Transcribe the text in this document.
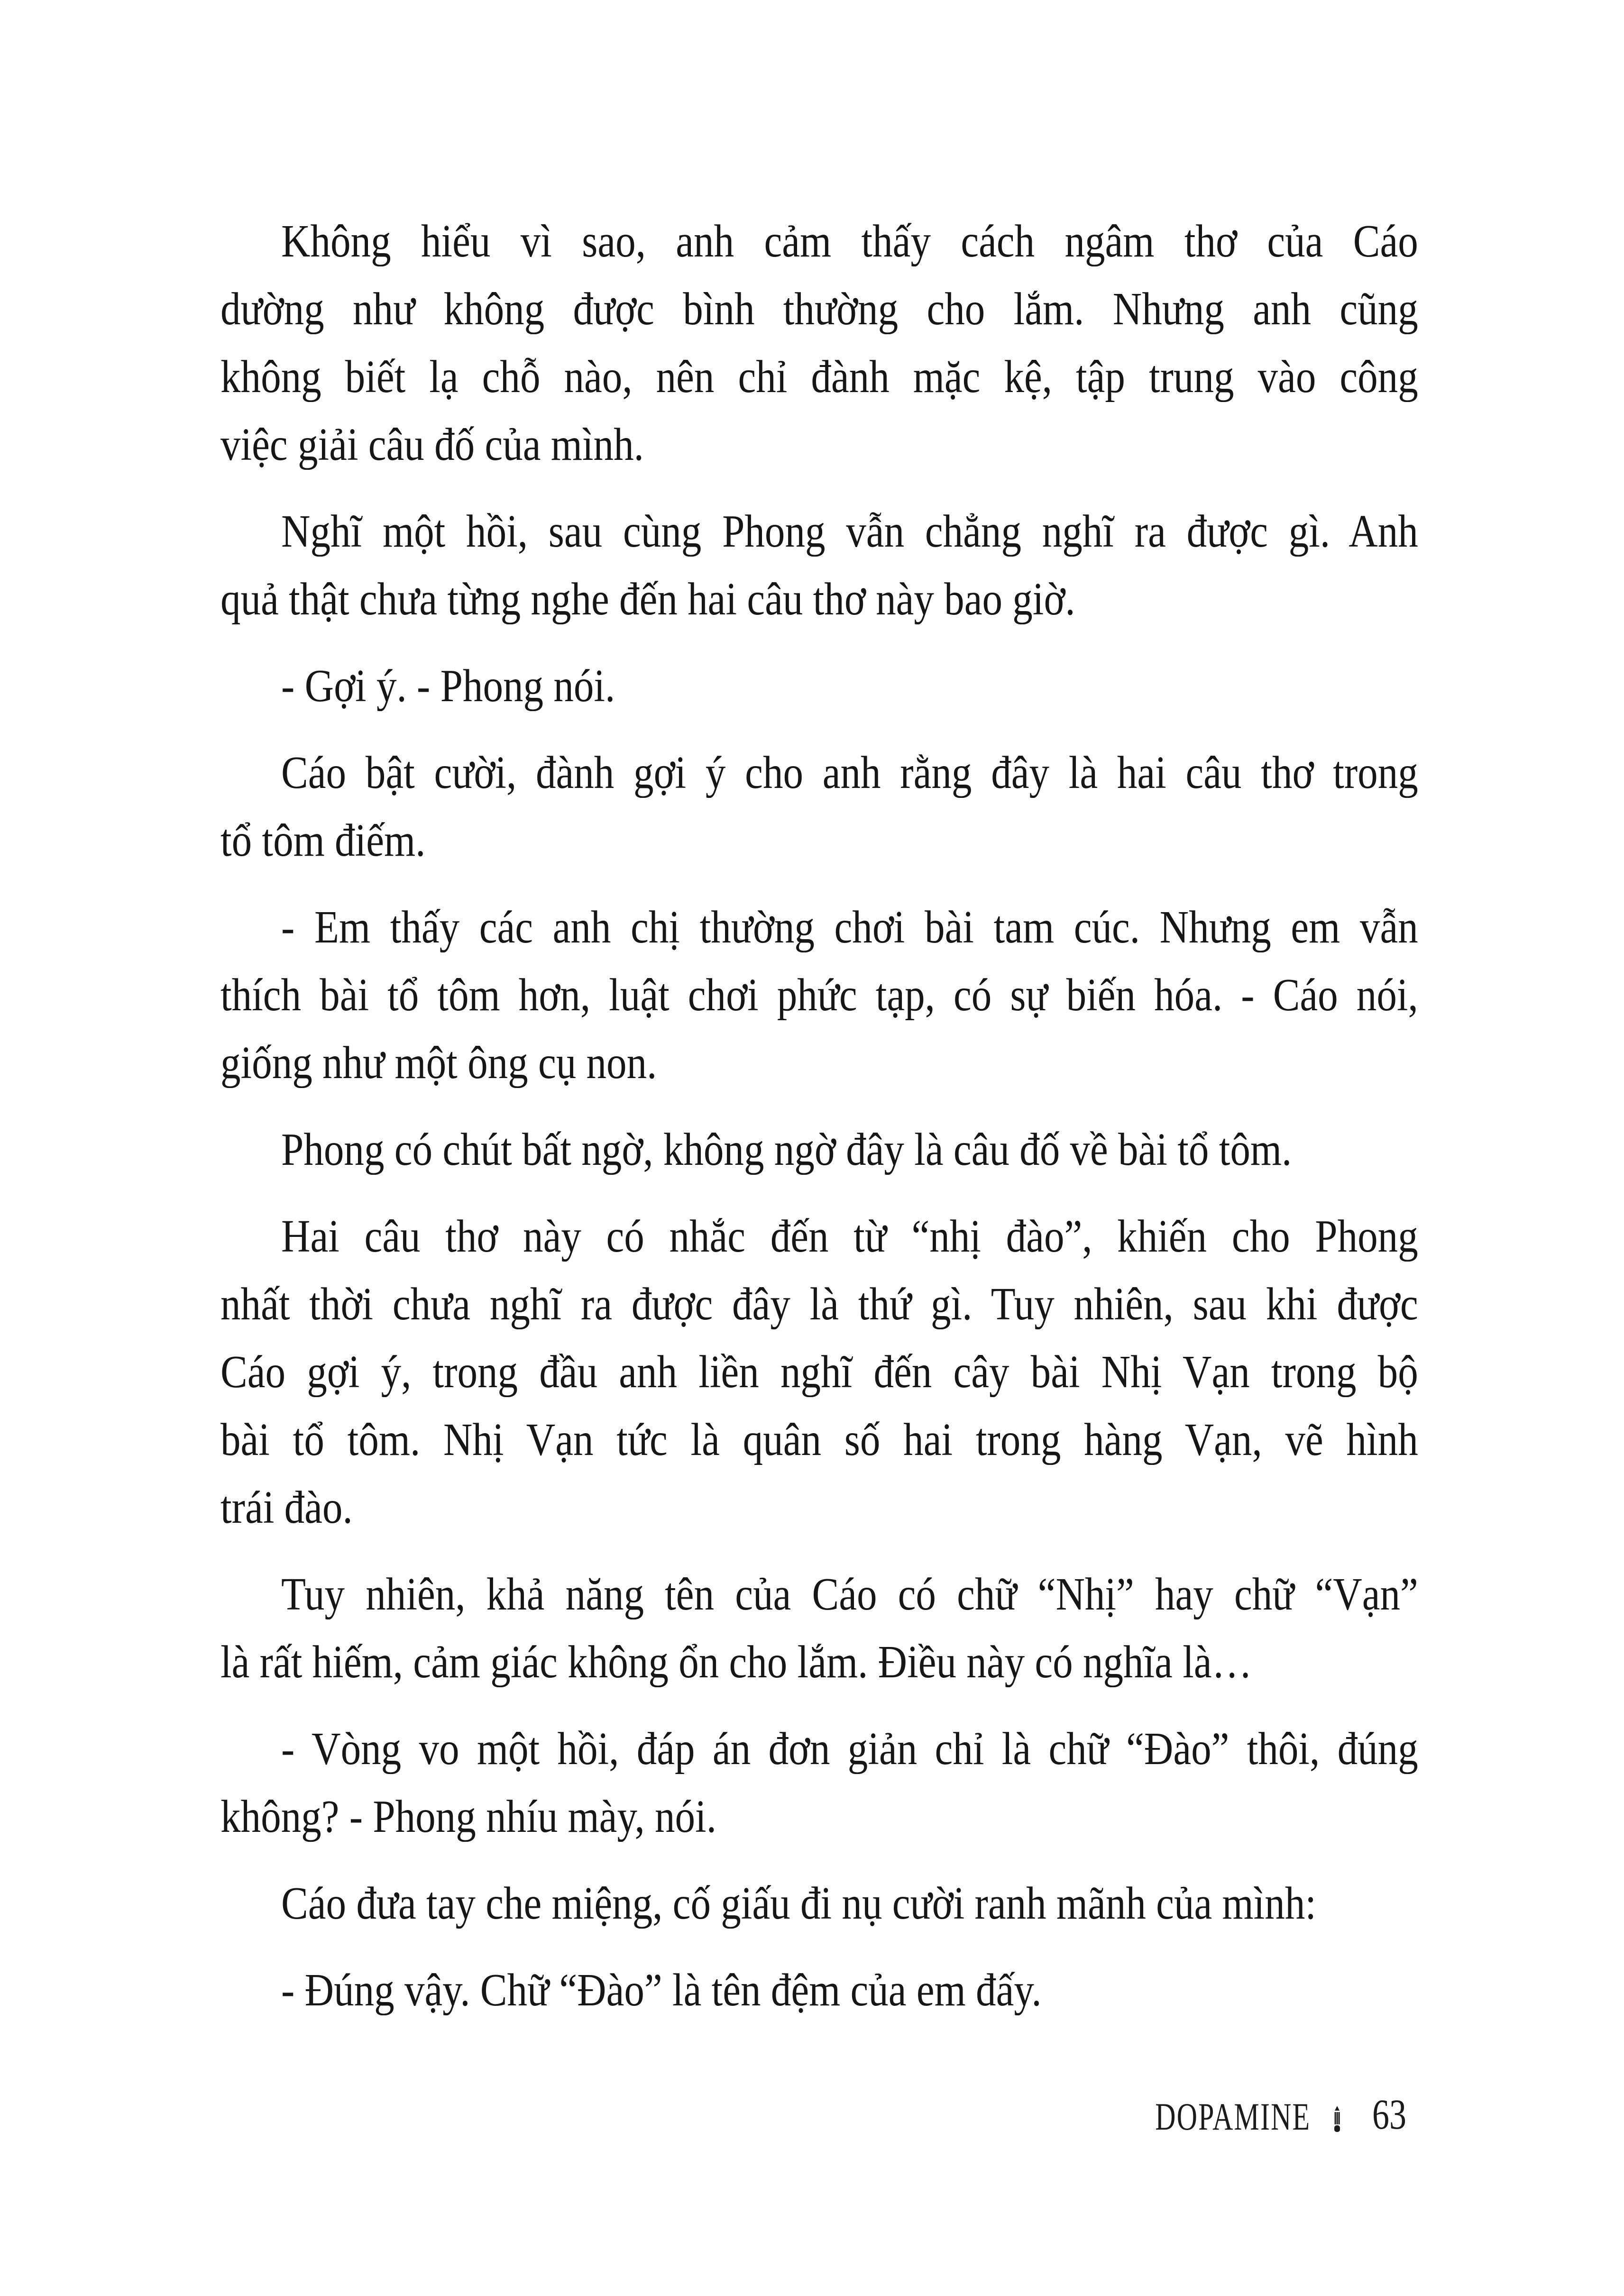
Không hiểu vì sao, anh cảm thấy cách ngâm thơ của Cáo
dường như không được bình thường cho lắm. Nhưng anh cũng
không biết lạ chỗ nào, nên chỉ đành mặc kệ, tập trung vào công
việc giải câu đố của mình.
Nghĩ một hồi, sau cùng Phong vẫn chẳng nghĩ ra được gì. Anh
quả thật chưa từng nghe đến hai câu thơ này bao giờ.
- Gợi ý. - Phong nói.
Cáo bật cười, đành gợi ý cho anh rằng đây là hai câu thơ trong
tổ tôm điếm.
- Em thấy các anh chị thường chơi bài tam cúc. Nhưng em vẫn
thích bài tổ tôm hơn, luật chơi phức tạp, có sự biến hóa. - Cáo nói,
giống như một ông cụ non.
Phong có chút bất ngờ, không ngờ đây là câu đố về bài tổ tôm.
Hai câu thơ này có nhắc đến từ “nhị đào”, khiến cho Phong
nhất thời chưa nghĩ ra được đây là thứ gì. Tuy nhiên, sau khi được
Cáo gợi ý, trong đầu anh liền nghĩ đến cây bài Nhị Vạn trong bộ
bài tổ tôm. Nhị Vạn tức là quân số hai trong hàng Vạn, vẽ hình
trái đào.
Tuy nhiên, khả năng tên của Cáo có chữ “Nhị” hay chữ “Vạn”
là rất hiếm, cảm giác không ổn cho lắm. Điều này có nghĩa là…
- Vòng vo một hồi, đáp án đơn giản chỉ là chữ “Đào” thôi, đúng
không? - Phong nhíu mày, nói.
Cáo đưa tay che miệng, cố giấu đi nụ cười ranh mãnh của mình:
- Đúng vậy. Chữ “Đào” là tên đệm của em đấy.
DOPAMINE 63
